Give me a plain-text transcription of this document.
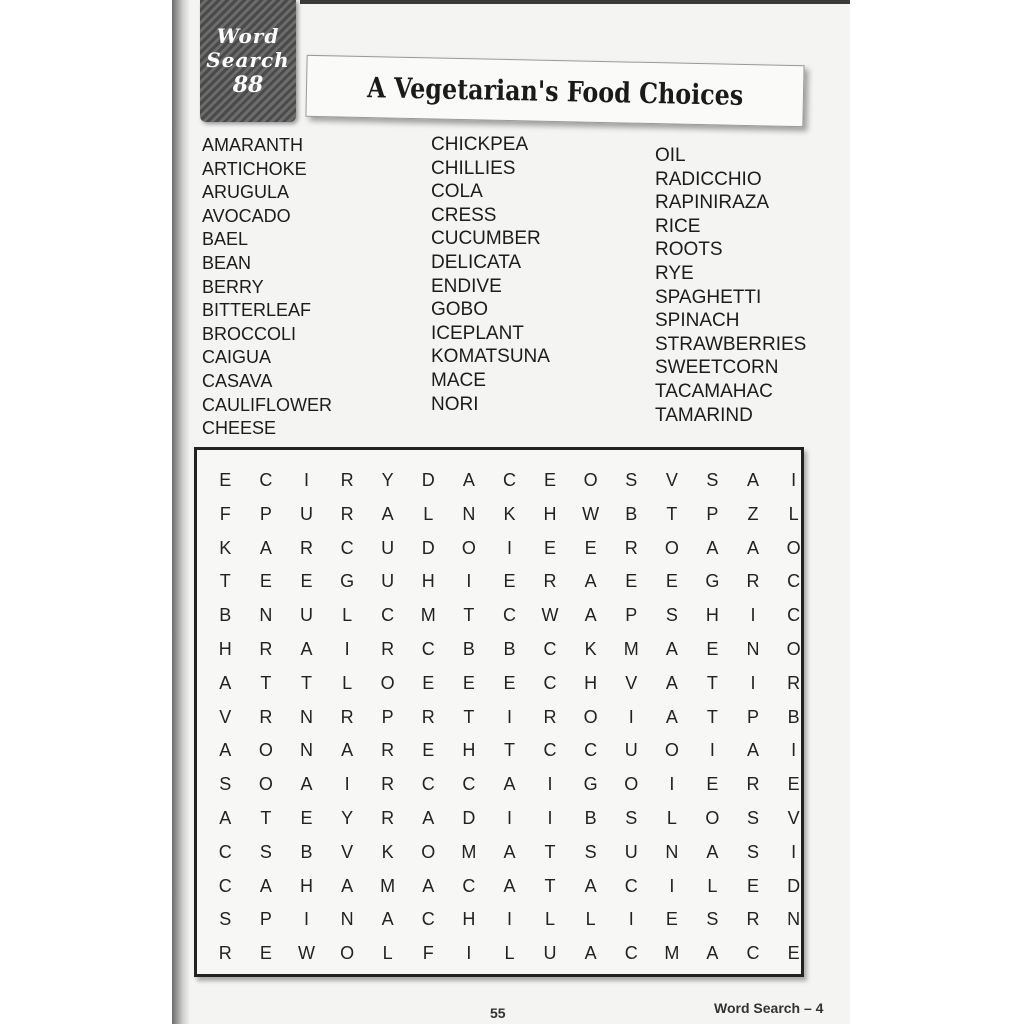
Word
Search
88	A Vegetarian's Food Choices
AMARANTH
ARTICHOKE
ARUGULA
AVOCADO
BAEL
BEAN
BERRY
BITTERLEAF
BROCCOLI
CAIGUA
CASAVA
CAULIFLOWER
CHEESE
CHICKPEA
CHILLIES
COLA
CRESS
CUCUMBER
DELICATA
ENDIVE
GOBO
ICEPLANT
KOMATSUNA
MACE
NORI
OIL
RADICCHIO
RAPINIRAZA
RICE
ROOTS
RYE
SPAGHETTI
SPINACH
STRAWBERRIES
SWEETCORN
TACAMAHAC
TAMARIND
E	C	I	R	Y	D	A	C	E	O	S	V	S	A	I
F	P	U	R	A	L	N	K	H	W	B	T	P	Z	L
K	A	R	C	U	D	O	I	E	E	R	O	A	A	O
T	E	E	G	U	H	I	E	R	A	E	E	G	R	C
B	N	U	L	C	M	T	C	W	A	P	S	H	I	C
H	R	A	I	R	C	B	B	C	K	M	A	E	N	O
A	T	T	L	O	E	E	E	C	H	V	A	T	I	R
V	R	N	R	P	R	T	I	R	O	I	A	T	P	B
A	O	N	A	R	E	H	T	C	C	U	O	I	A	I
S	O	A	I	R	C	C	A	I	G	O	I	E	R	E
A	T	E	Y	R	A	D	I	I	B	S	L	O	S	V
C	S	B	V	K	O	M	A	T	S	U	N	A	S	I
C	A	H	A	M	A	C	A	T	A	C	I	L	E	D
S	P	I	N	A	C	H	I	L	L	I	E	S	R	N
R	E	W	O	L	F	I	L	U	A	C	M	A	C	E
55	Word Search – 4
